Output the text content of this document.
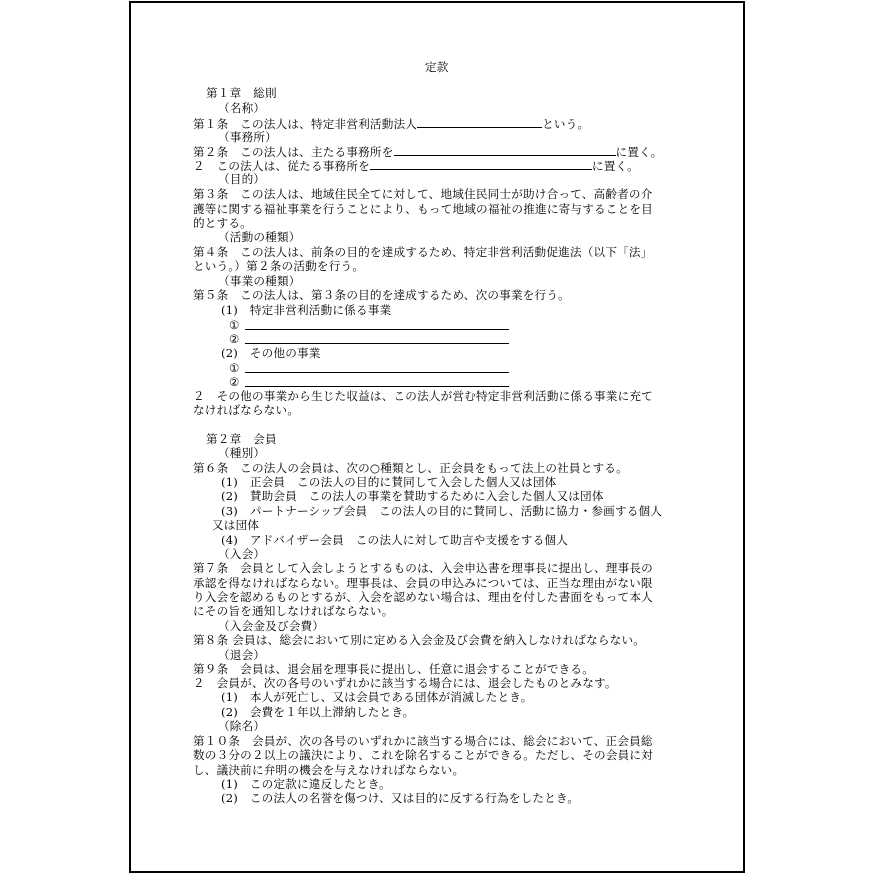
定款
第１章　総則
（名称）
第１条　この法人は、特定非営利活動法人	という。
（事務所）
第２条　この法人は、主たる事務所を	に置く。
２　この法人は、従たる事務所を	に置く。
（目的）
第３条　この法人は、地域住民全てに対して、地域住民同士が助け合って、高齢者の介
護等に関する福祉事業を行うことにより、もって地域の福祉の推進に寄与することを目
的とする。
（活動の種類）
第４条　この法人は、前条の目的を達成するため、特定非営利活動促進法（以下「法」
という。）第２条の活動を行う。
（事業の種類）
第５条　この法人は、第３条の目的を達成するため、次の事業を行う。
(1)　特定非営利活動に係る事業
①
②
(2)　その他の事業
①
②
２　その他の事業から生じた収益は、この法人が営む特定非営利活動に係る事業に充て
なければならない。
第２章　会員
（種別）
第６条　この法人の会員は、次の○種類とし、正会員をもって法上の社員とする。
(1)　正会員　この法人の目的に賛同して入会した個人又は団体
(2)　賛助会員　この法人の事業を賛助するために入会した個人又は団体
(3)　パートナーシップ会員　この法人の目的に賛同し、活動に協力・参画する個人
又は団体
(4)　アドバイザー会員　この法人に対して助言や支援をする個人
（入会）
第７条　会員として入会しようとするものは、入会申込書を理事長に提出し、理事長の
承認を得なければならない。理事長は、会員の申込みについては、正当な理由がない限
り入会を認めるものとするが、入会を認めない場合は、理由を付した書面をもって本人
にその旨を通知しなければならない。
（入会金及び会費）
第８条 会員は、総会において別に定める入会金及び会費を納入しなければならない。
（退会）
第９条　会員は、退会届を理事長に提出し、任意に退会することができる。
２　会員が、次の各号のいずれかに該当する場合には、退会したものとみなす。
(1)　本人が死亡し、又は会員である団体が消滅したとき。
(2)　会費を１年以上滞納したとき。
（除名）
第１０条　会員が、次の各号のいずれかに該当する場合には、総会において、正会員総
数の３分の２以上の議決により、これを除名することができる。ただし、その会員に対
し、議決前に弁明の機会を与えなければならない。
(1)　この定款に違反したとき。
(2)　この法人の名誉を傷つけ、又は目的に反する行為をしたとき。
